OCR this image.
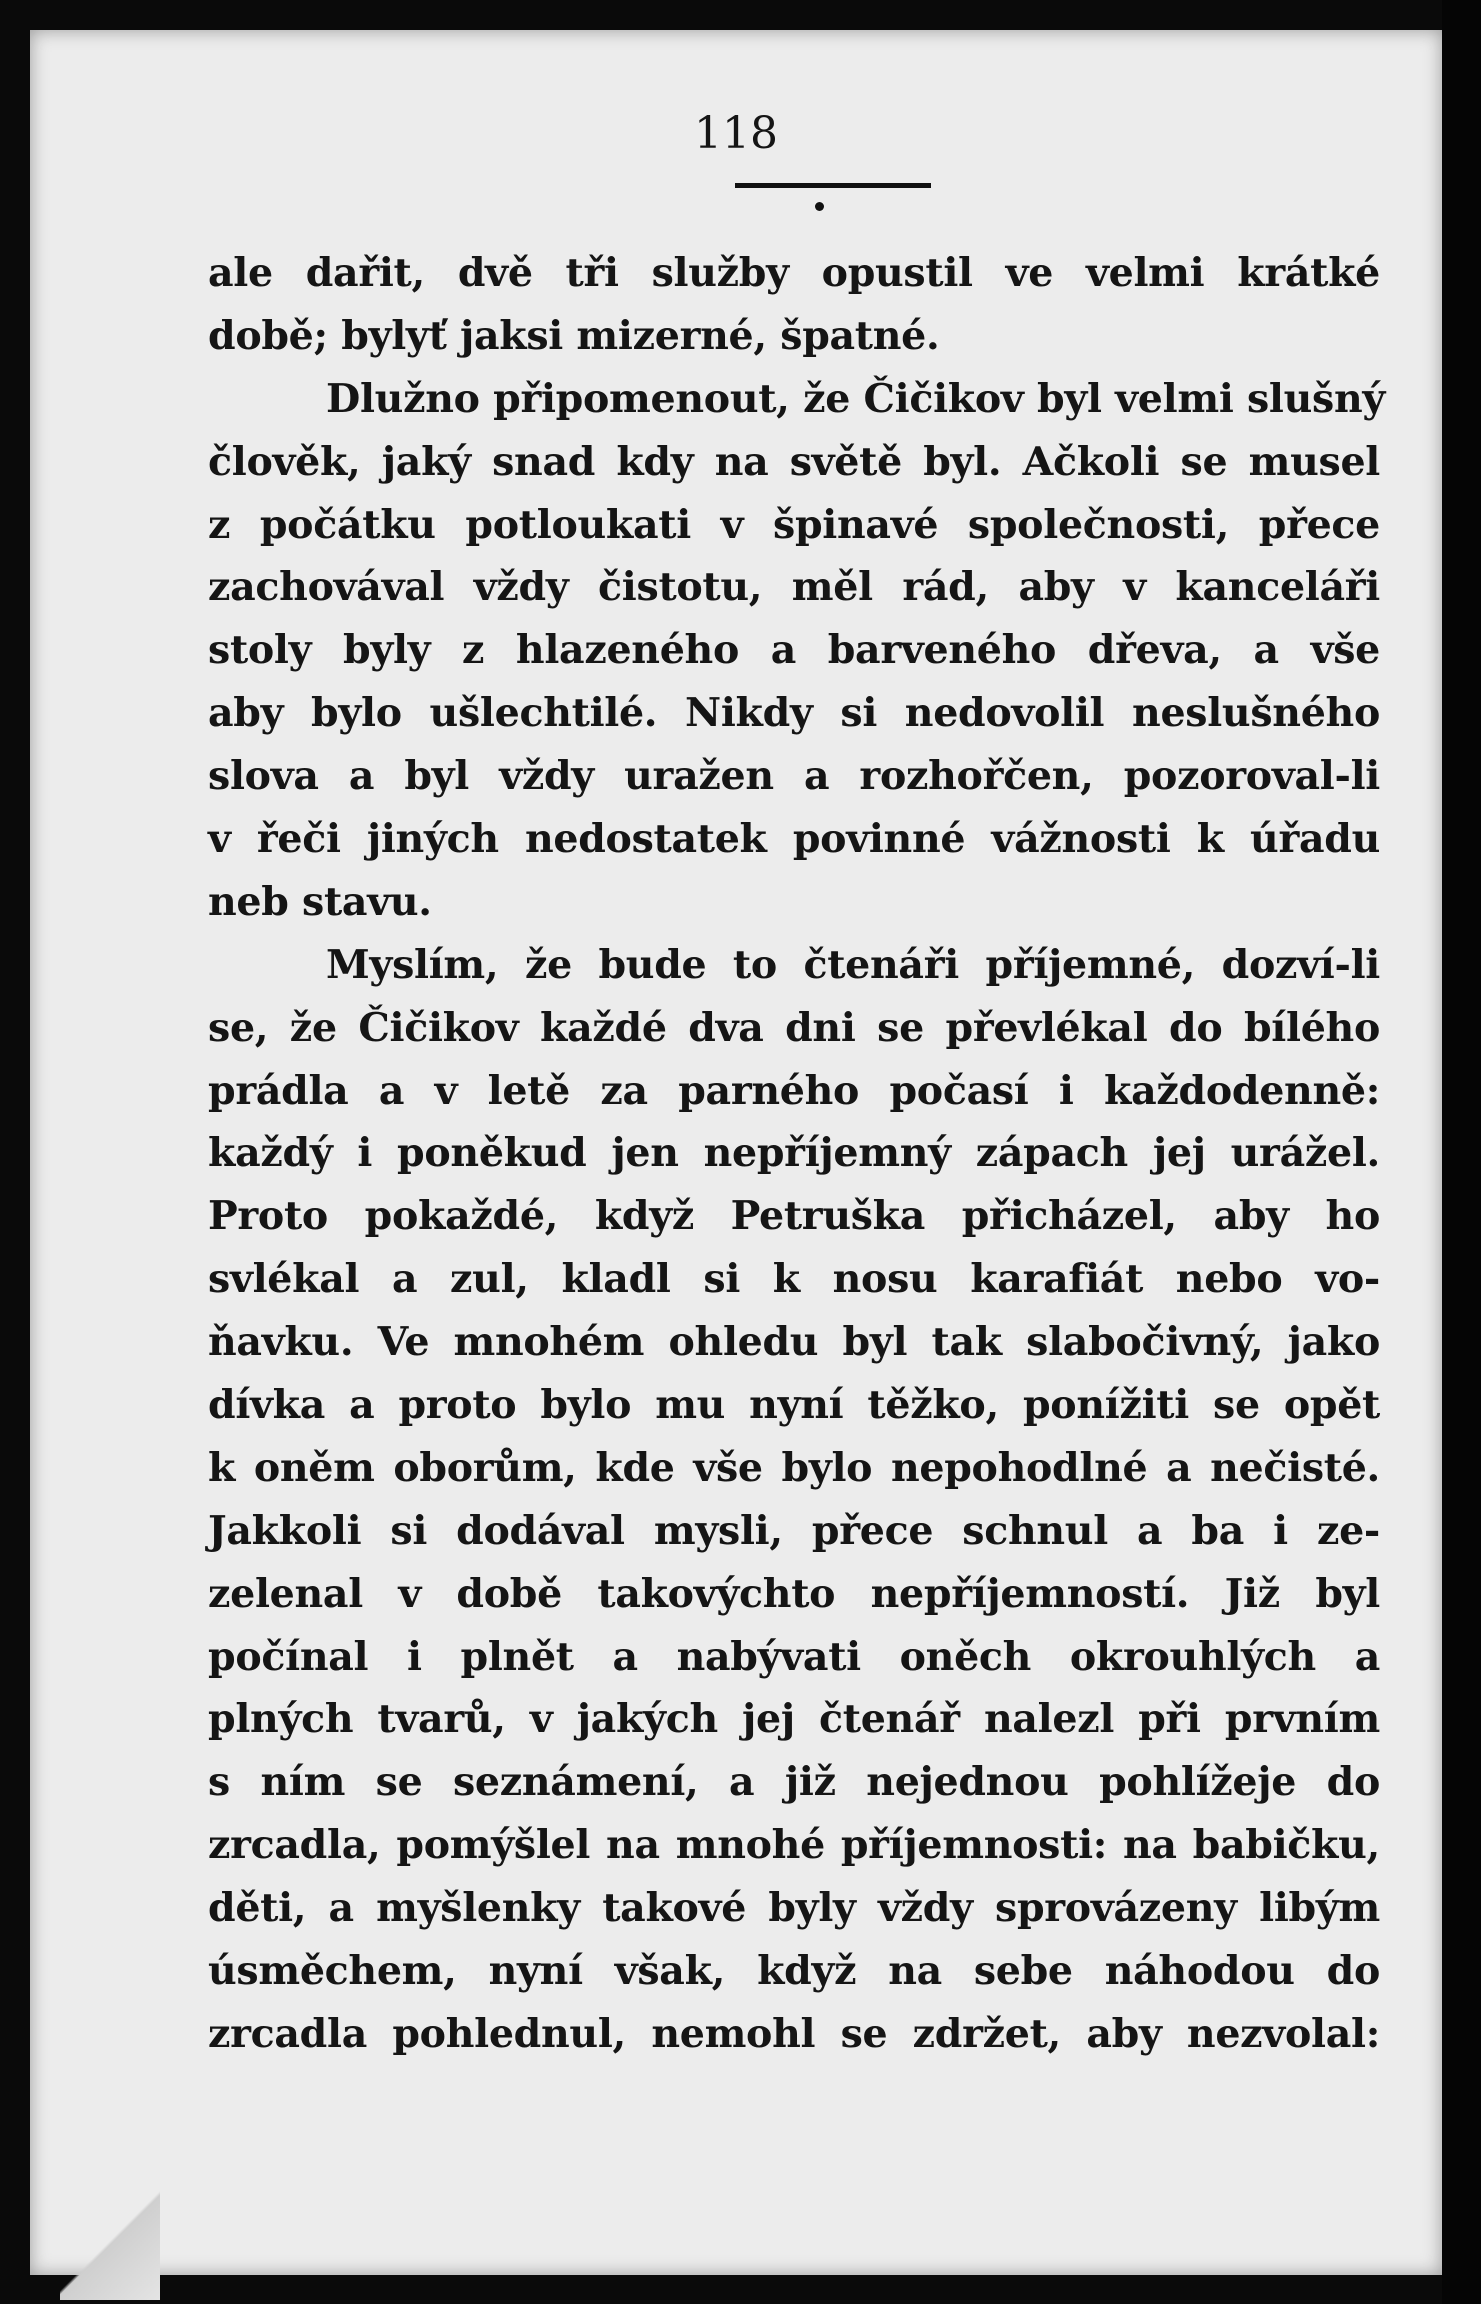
118
ale dařit, dvě tři služby opustil ve velmi krátké
době; bylyť jaksi mizerné, špatné.
Dlužno připomenout, že Čičikov byl velmi slušný
člověk, jaký snad kdy na světě byl. Ačkoli se musel
z počátku potloukati v špinavé společnosti, přece
zachovával vždy čistotu, měl rád, aby v kanceláři
stoly byly z hlazeného a barveného dřeva, a vše
aby bylo ušlechtilé. Nikdy si nedovolil neslušného
slova a byl vždy uražen a rozhořčen, pozoroval-li
v řeči jiných nedostatek povinné vážnosti k úřadu
neb stavu.
Myslím, že bude to čtenáři příjemné, dozví-li
se, že Čičikov každé dva dni se převlékal do bílého
prádla a v letě za parného počasí i každodenně:
každý i poněkud jen nepříjemný zápach jej urážel.
Proto pokaždé, když Petruška přicházel, aby ho
svlékal a zul, kladl si k nosu karafiát nebo vo-
ňavku. Ve mnohém ohledu byl tak slabočivný, jako
dívka a proto bylo mu nyní těžko, ponížiti se opět
k oněm oborům, kde vše bylo nepohodlné a nečisté.
Jakkoli si dodával mysli, přece schnul a ba i ze-
zelenal v době takovýchto nepříjemností. Již byl
počínal i plnět a nabývati oněch okrouhlých a
plných tvarů, v jakých jej čtenář nalezl při prvním
s ním se seznámení, a již nejednou pohlížeje do
zrcadla, pomýšlel na mnohé příjemnosti: na babičku,
děti, a myšlenky takové byly vždy sprovázeny libým
úsměchem, nyní však, když na sebe náhodou do
zrcadla pohlednul, nemohl se zdržet, aby nezvolal:
